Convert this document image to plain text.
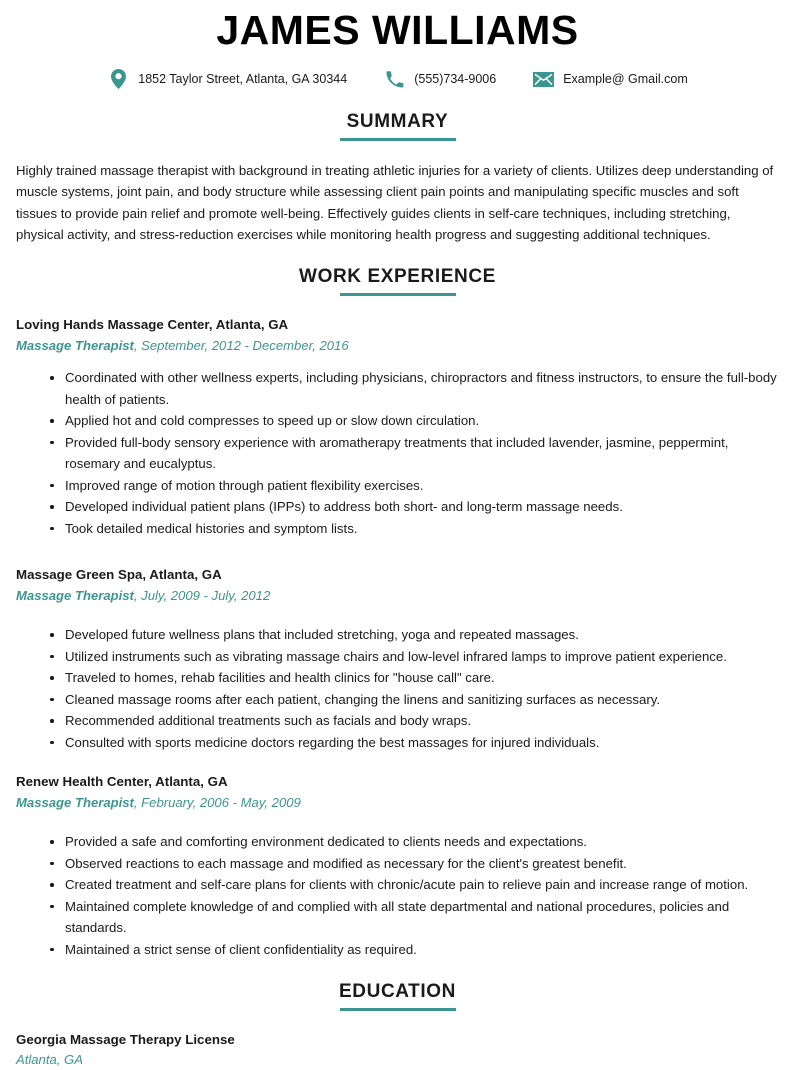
JAMES WILLIAMS
1852 Taylor Street, Atlanta, GA 30344	(555)734-9006	Example@ Gmail.com
SUMMARY
Highly trained massage therapist with background in treating athletic injuries for a variety of clients. Utilizes deep understanding of muscle systems, joint pain, and body structure while assessing client pain points and manipulating specific muscles and soft tissues to provide pain relief and promote well-being. Effectively guides clients in self-care techniques, including stretching, physical activity, and stress-reduction exercises while monitoring health progress and suggesting additional techniques.
WORK EXPERIENCE
Loving Hands Massage Center, Atlanta, GA
Massage Therapist, September, 2012 - December, 2016
Coordinated with other wellness experts, including physicians, chiropractors and fitness instructors, to ensure the full-body health of patients.
Applied hot and cold compresses to speed up or slow down circulation.
Provided full-body sensory experience with aromatherapy treatments that included lavender, jasmine, peppermint, rosemary and eucalyptus.
Improved range of motion through patient flexibility exercises.
Developed individual patient plans (IPPs) to address both short- and long-term massage needs.
Took detailed medical histories and symptom lists.
Massage Green Spa, Atlanta, GA
Massage Therapist, July, 2009 - July, 2012
Developed future wellness plans that included stretching, yoga and repeated massages.
Utilized instruments such as vibrating massage chairs and low-level infrared lamps to improve patient experience.
Traveled to homes, rehab facilities and health clinics for "house call" care.
Cleaned massage rooms after each patient, changing the linens and sanitizing surfaces as necessary.
Recommended additional treatments such as facials and body wraps.
Consulted with sports medicine doctors regarding the best massages for injured individuals.
Renew Health Center, Atlanta, GA
Massage Therapist, February, 2006 - May, 2009
Provided a safe and comforting environment dedicated to clients needs and expectations.
Observed reactions to each massage and modified as necessary for the client's greatest benefit.
Created treatment and self-care plans for clients with chronic/acute pain to relieve pain and increase range of motion.
Maintained complete knowledge of and complied with all state departmental and national procedures, policies and standards.
Maintained a strict sense of client confidentiality as required.
EDUCATION
Georgia Massage Therapy License
Atlanta, GA
